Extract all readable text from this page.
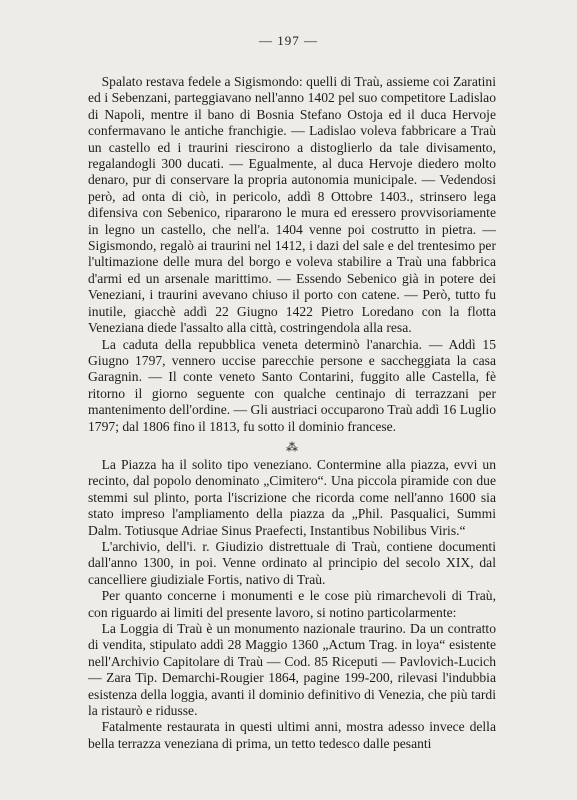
— 197 —

 Spalato restava fedele a Sigismondo: quelli di Traù, assieme coi Zaratini ed i Sebenzani, parteggiavano nell'anno 1402 pel suo competitore Ladislao di Napoli, mentre il bano di Bosnia Stefano Ostoja ed il duca Hervoje confermavano le antiche franchigie. — Ladislao voleva fabbricare a Traù un castello ed i traurini riescirono a distoglierlo da tale divisamento, regalandogli 300 ducati. — Egualmente, al duca Hervoje diedero molto denaro, pur di conservare la propria autonomia municipale. — Vedendosi però, ad onta di ciò, in pericolo, addì 8 Ottobre 1403., strinsero lega difensiva con Sebenico, ripararono le mura ed eressero provvisoriamente in legno un castello, che nell'a. 1404 venne poi costrutto in pietra. — Sigismondo, regalò ai traurini nel 1412, i dazi del sale e del trentesimo per l'ultimazione delle mura del borgo e voleva stabilire a Traù una fabbrica d'armi ed un arsenale marittimo. — Essendo Sebenico già in potere dei Veneziani, i traurini avevano chiuso il porto con catene. — Però, tutto fu inutile, giacchè addì 22 Giugno 1422 Pietro Loredano con la flotta Veneziana diede l'assalto alla città, costringendola alla resa.

 La caduta della repubblica veneta determinò l'anarchia. — Addì 15 Giugno 1797, vennero uccise parecchie persone e saccheggiata la casa Garagnin. — Il conte veneto Santo Contarini, fuggito alle Castella, fè ritorno il giorno seguente con qualche centinajo di terrazzani per mantenimento dell'ordine. — Gli austriaci occuparono Traù addì 16 Luglio 1797; dal 1806 fino il 1813, fu sotto il dominio francese.

⁂

 La Piazza ha il solito tipo veneziano. Contermine alla piazza, evvi un recinto, dal popolo denominato „Cimitero“. Una piccola piramide con due stemmi sul plinto, porta l'iscrizione che ricorda come nell'anno 1600 sia stato impreso l'ampliamento della piazza da „Phil. Pasqualici, Summi Dalm. Totiusque Adriae Sinus Praefecti, Instantibus Nobilibus Viris.“

 L'archivio, dell'i. r. Giudizio distrettuale di Traù, contiene documenti dall'anno 1300, in poi. Venne ordinato al principio del secolo XIX, dal cancelliere giudiziale Fortis, nativo di Traù.

 Per quanto concerne i monumenti e le cose più rimarchevoli di Traù, con riguardo ai limiti del presente lavoro, si notino particolarmente:

 La Loggia di Traù è un monumento nazionale traurino. Da un contratto di vendita, stipulato addì 28 Maggio 1360 „Actum Trag. in loya“ esistente nell'Archivio Capitolare di Traù — Cod. 85 Riceputi — Pavlovich-Lucich — Zara Tip. Demarchi-Rougier 1864, pagine 199-200, rilevasi l'indubbia esistenza della loggia, avanti il dominio definitivo di Venezia, che più tardi la ristaurò e ridusse.

 Fatalmente restaurata in questi ultimi anni, mostra adesso invece della bella terrazza veneziana di prima, un tetto tedesco dalle pesanti
